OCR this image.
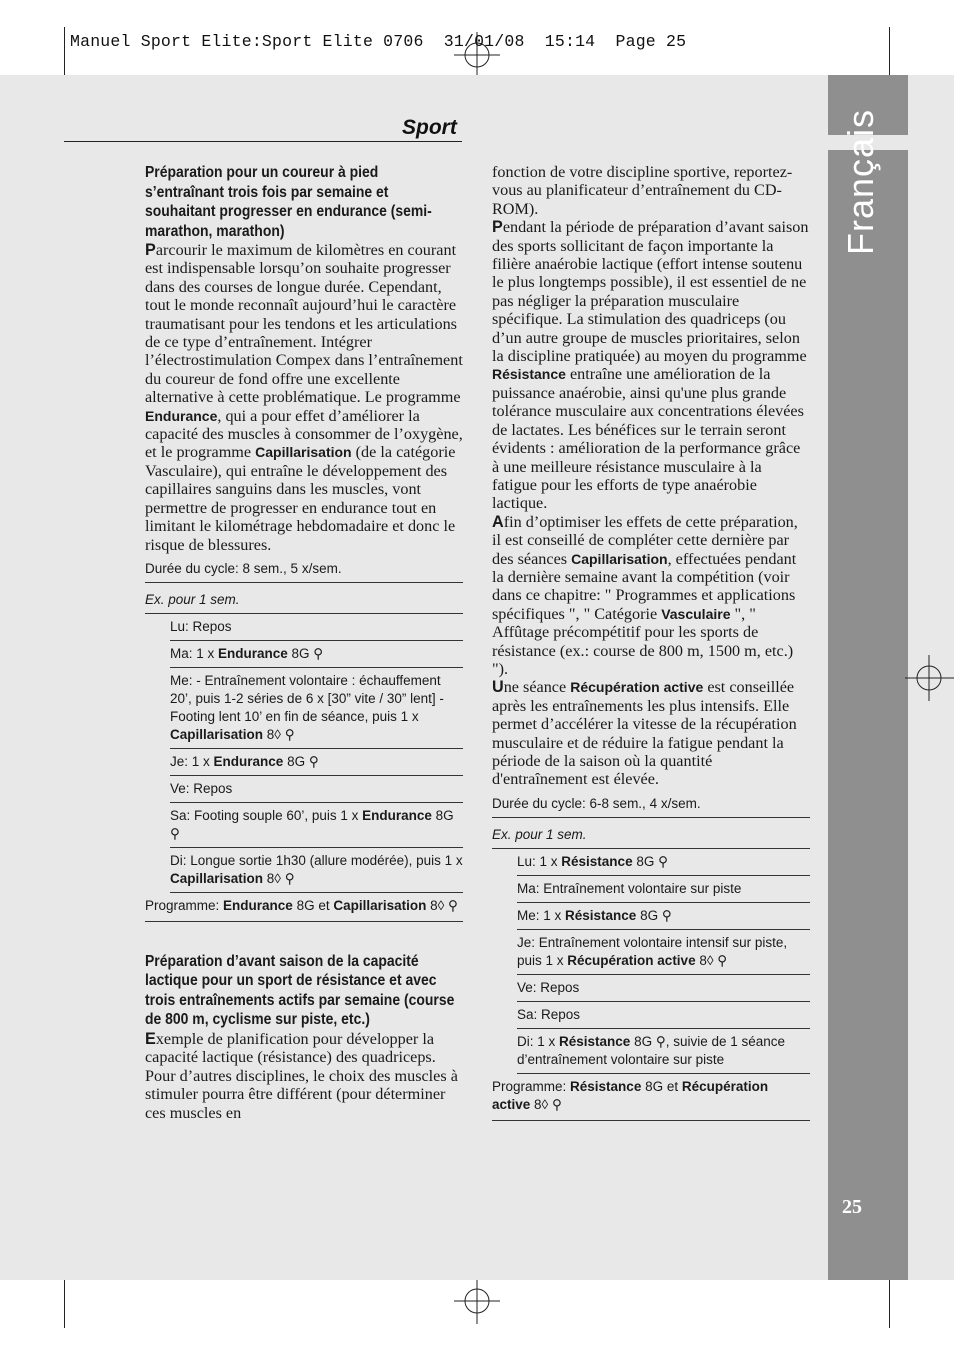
Manuel Sport Elite:Sport Elite 0706  31/01/08  15:14  Page 25
Français
25
Sport

Préparation pour un coureur à pied s’entraînant trois fois par semaine et souhaitant progresser en endurance (semi-marathon, marathon)

Parcourir le maximum de kilomètres en courant est indispensable lorsqu’on souhaite progresser dans des courses de longue durée. Cependant, tout le monde reconnaît aujourd’hui le caractère traumatisant pour les tendons et les articulations de ce type d’entraînement. Intégrer l’électrostimulation Compex dans l’entraînement du coureur de fond offre une excellente alternative à cette problématique. Le programme Endurance, qui a pour effet d’améliorer la capacité des muscles à consommer de l’oxygène, et le programme Capillarisation (de la catégorie Vasculaire), qui entraîne le développement des capillaires sanguins dans les muscles, vont permettre de progresser en endurance tout en limitant le kilométrage hebdomadaire et donc le risque de blessures.

Durée du cycle: 8 sem., 5 x/sem.
Ex. pour 1 sem.
Lu: Repos
Ma: 1 x Endurance 8G ⚲
Me: - Entraînement volontaire : échauffement 20’, puis 1-2 séries de 6 x [30” vite / 30” lent] - Footing lent 10’ en fin de séance, puis 1 x Capillarisation 8◊ ⚲
Je: 1 x Endurance 8G ⚲
Ve: Repos
Sa: Footing souple 60’, puis 1 x Endurance 8G ⚲
Di: Longue sortie 1h30 (allure modérée), puis 1 x Capillarisation 8◊ ⚲
Programme: Endurance 8G et Capillarisation 8◊ ⚲

Préparation d’avant saison de la capacité lactique pour un sport de résistance et avec trois entraînements actifs par semaine (course de 800 m, cyclisme sur piste, etc.)

Exemple de planification pour développer la capacité lactique (résistance) des quadriceps. Pour d’autres disciplines, le choix des muscles à stimuler pourra être différent (pour déterminer ces muscles en

fonction de votre discipline sportive, reportez-vous au planificateur d’entraînement du CD-ROM).

Pendant la période de préparation d’avant saison des sports sollicitant de façon importante la filière anaérobie lactique (effort intense soutenu le plus longtemps possible), il est essentiel de ne pas négliger la préparation musculaire spécifique. La stimulation des quadriceps (ou d’un autre groupe de muscles prioritaires, selon la discipline pratiquée) au moyen du programme Résistance entraîne une amélioration de la puissance anaérobie, ainsi qu'une plus grande tolérance musculaire aux concentrations élevées de lactates. Les bénéfices sur le terrain seront évidents : amélioration de la performance grâce à une meilleure résistance musculaire à la fatigue pour les efforts de type anaérobie lactique.

Afin d’optimiser les effets de cette préparation, il est conseillé de compléter cette dernière par des séances Capillarisation, effectuées pendant la dernière semaine avant la compétition (voir dans ce chapitre: " Programmes et applications spécifiques ", " Catégorie Vasculaire ", " Affûtage précompétitif pour les sports de résistance (ex.: course de 800 m, 1500 m, etc.) ").

Une séance Récupération active est conseillée après les entraînements les plus intensifs. Elle permet d’accélérer la vitesse de la récupération musculaire et de réduire la fatigue pendant la période de la saison où la quantité d'entraînement est élevée.

Durée du cycle: 6-8 sem., 4 x/sem.
Ex. pour 1 sem.
Lu: 1 x Résistance 8G ⚲
Ma: Entraînement volontaire sur piste
Me: 1 x Résistance 8G ⚲
Je: Entraînement volontaire intensif sur piste, puis 1 x Récupération active 8◊ ⚲
Ve: Repos
Sa: Repos
Di: 1 x Résistance 8G ⚲, suivie de 1 séance d’entraînement volontaire sur piste
Programme: Résistance 8G et Récupération active 8◊ ⚲
